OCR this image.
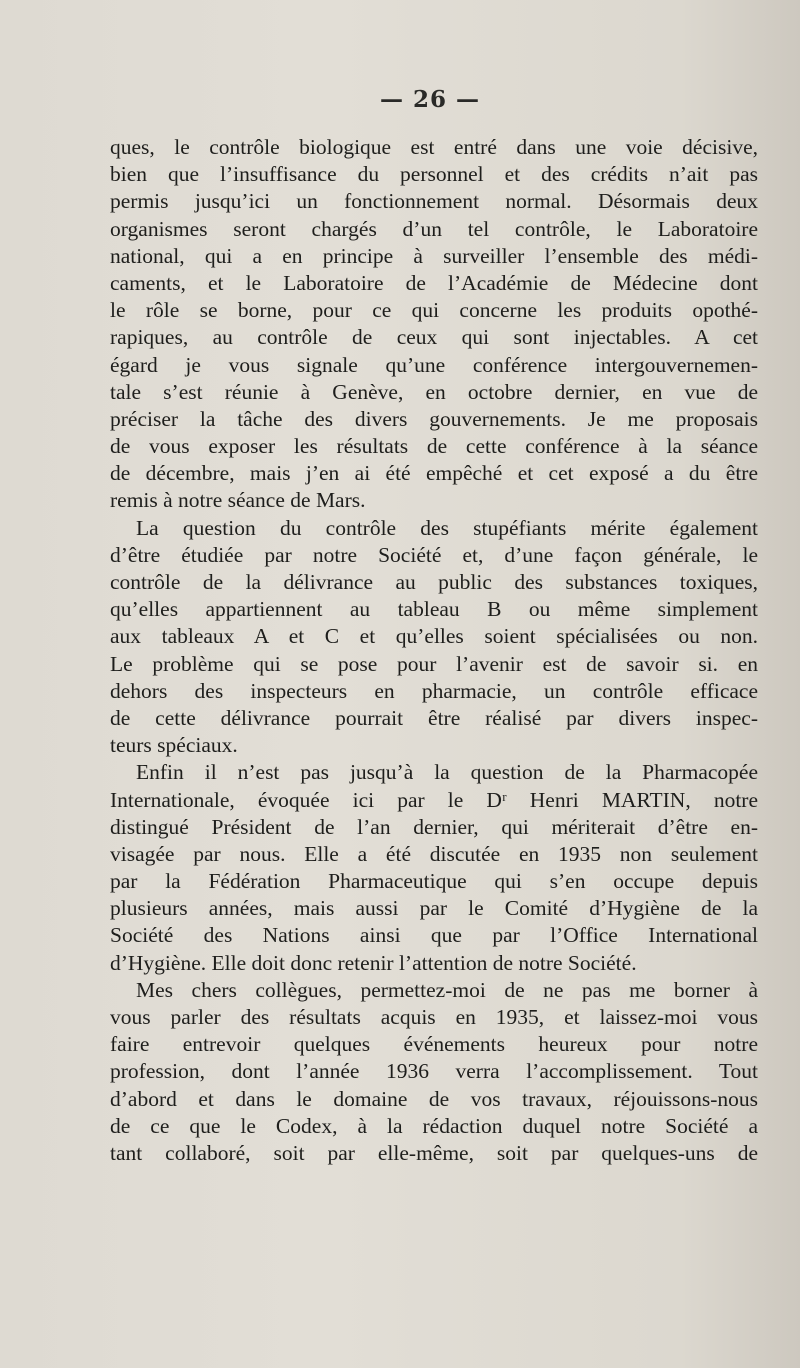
— 26 —
ques, le contrôle biologique est entré dans une voie décisive,
bien que l’insuffisance du personnel et des crédits n’ait pas
permis jusqu’ici un fonctionnement normal. Désormais deux
organismes seront chargés d’un tel contrôle, le Laboratoire
national, qui a en principe à surveiller l’ensemble des médi-
caments, et le Laboratoire de l’Académie de Médecine dont
le rôle se borne, pour ce qui concerne les produits opothé-
rapiques, au contrôle de ceux qui sont injectables. A cet
égard je vous signale qu’une conférence intergouvernemen-
tale s’est réunie à Genève, en octobre dernier, en vue de
préciser la tâche des divers gouvernements. Je me proposais
de vous exposer les résultats de cette conférence à la séance
de décembre, mais j’en ai été empêché et cet exposé a du être
remis à notre séance de Mars.
La question du contrôle des stupéfiants mérite également
d’être étudiée par notre Société et, d’une façon générale, le
contrôle de la délivrance au public des substances toxiques,
qu’elles appartiennent au tableau B ou même simplement
aux tableaux A et C et qu’elles soient spécialisées ou non.
Le problème qui se pose pour l’avenir est de savoir si. en
dehors des inspecteurs en pharmacie, un contrôle efficace
de cette délivrance pourrait être réalisé par divers inspec-
teurs spéciaux.
Enfin il n’est pas jusqu’à la question de la Pharmacopée
Internationale, évoquée ici par le Dʳ Henri MARTIN, notre
distingué Président de l’an dernier, qui mériterait d’être en-
visagée par nous. Elle a été discutée en 1935 non seulement
par la Fédération Pharmaceutique qui s’en occupe depuis
plusieurs années, mais aussi par le Comité d’Hygiène de la
Société des Nations ainsi que par l’Office International
d’Hygiène. Elle doit donc retenir l’attention de notre Société.
Mes chers collègues, permettez-moi de ne pas me borner à
vous parler des résultats acquis en 1935, et laissez-moi vous
faire entrevoir quelques événements heureux pour notre
profession, dont l’année 1936 verra l’accomplissement. Tout
d’abord et dans le domaine de vos travaux, réjouissons-nous
de ce que le Codex, à la rédaction duquel notre Société a
tant collaboré, soit par elle-même, soit par quelques-uns de
